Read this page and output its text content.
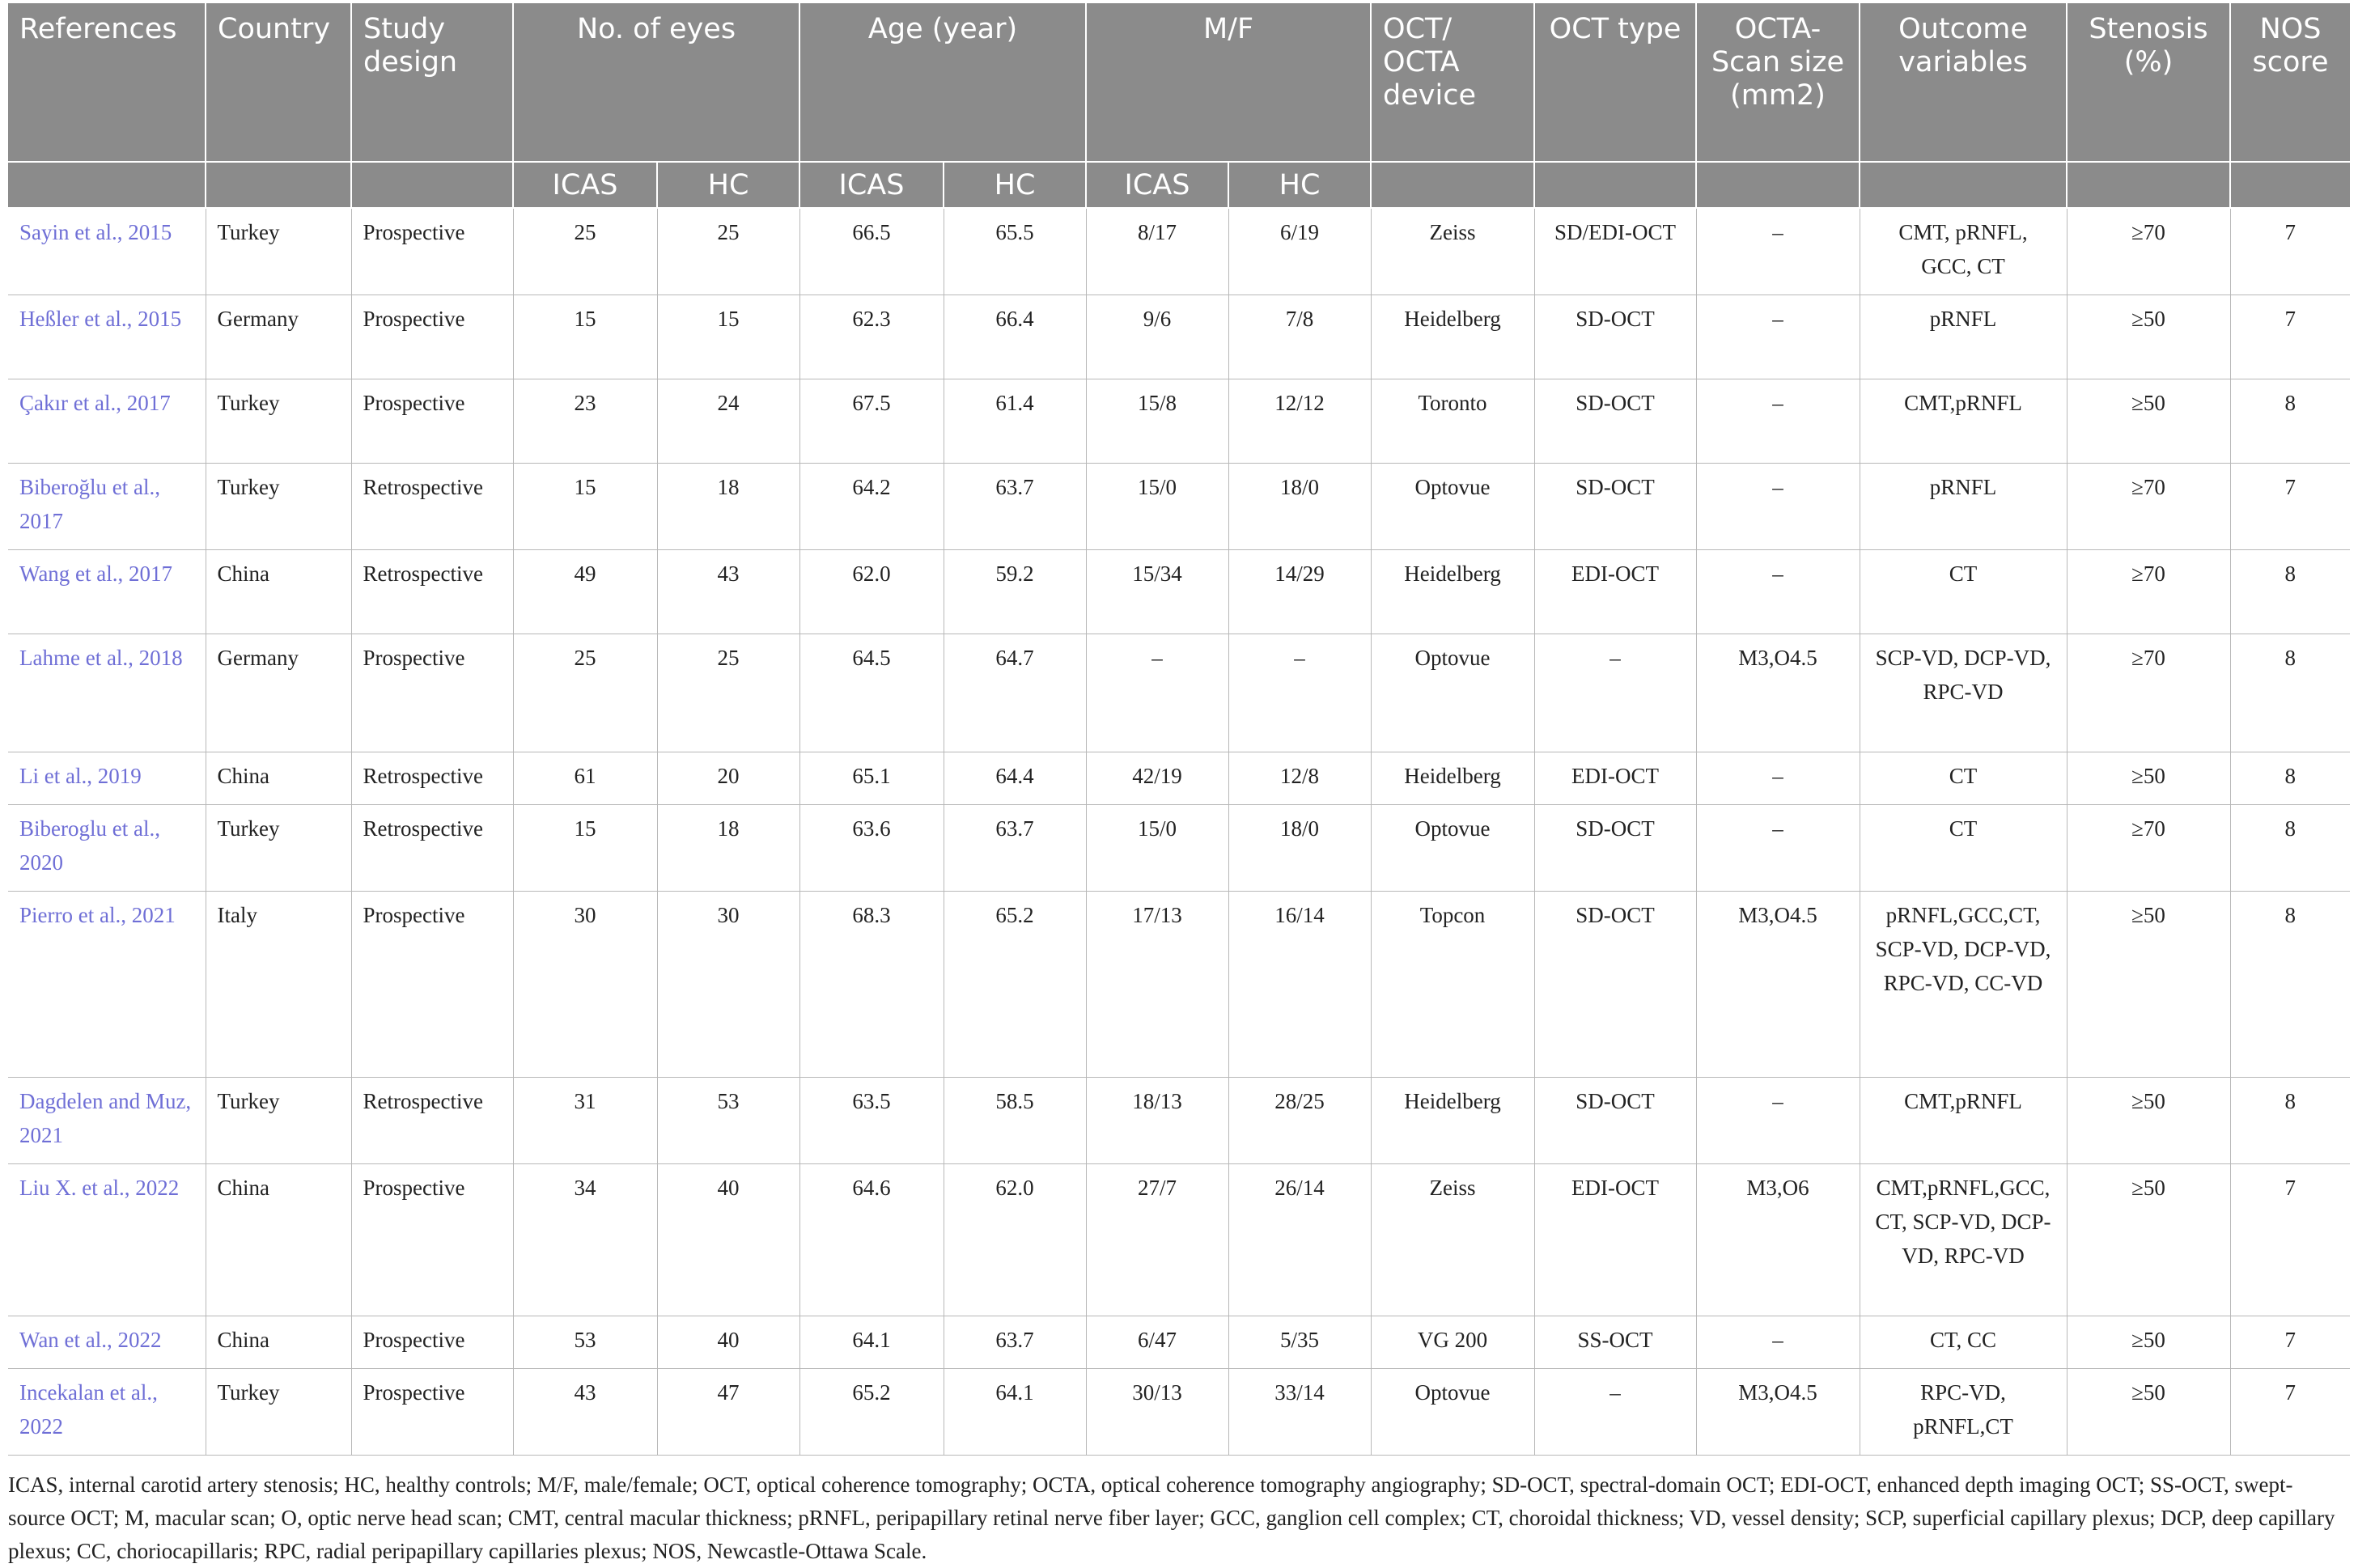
References	Country	Study design	No. of eyes		Age (year)		M/F		OCT/ OCTA device	OCT type	OCTA- Scan size (mm2)	Outcome variables	Stenosis (%)	NOS score
			ICAS	HC	ICAS	HC	ICAS	HC						
Sayin et al., 2015	Turkey	Prospective	25	25	66.5	65.5	8/17	6/19	Zeiss	SD/EDI-OCT	–	CMT, pRNFL, GCC, CT	≥70	7
Heßler et al., 2015	Germany	Prospective	15	15	62.3	66.4	9/6	7/8	Heidelberg	SD-OCT	–	pRNFL	≥50	7
Çakır et al., 2017	Turkey	Prospective	23	24	67.5	61.4	15/8	12/12	Toronto	SD-OCT	–	CMT,pRNFL	≥50	8
Biberoğlu et al., 2017	Turkey	Retrospective	15	18	64.2	63.7	15/0	18/0	Optovue	SD-OCT	–	pRNFL	≥70	7
Wang et al., 2017	China	Retrospective	49	43	62.0	59.2	15/34	14/29	Heidelberg	EDI-OCT	–	CT	≥70	8
Lahme et al., 2018	Germany	Prospective	25	25	64.5	64.7	–	–	Optovue	–	M3,O4.5	SCP-VD, DCP-VD, RPC-VD	≥70	8
Li et al., 2019	China	Retrospective	61	20	65.1	64.4	42/19	12/8	Heidelberg	EDI-OCT	–	CT	≥50	8
Biberoglu et al., 2020	Turkey	Retrospective	15	18	63.6	63.7	15/0	18/0	Optovue	SD-OCT	–	CT	≥70	8
Pierro et al., 2021	Italy	Prospective	30	30	68.3	65.2	17/13	16/14	Topcon	SD-OCT	M3,O4.5	pRNFL,GCC,CT, SCP-VD, DCP-VD, RPC-VD, CC-VD	≥50	8
Dagdelen and Muz, 2021	Turkey	Retrospective	31	53	63.5	58.5	18/13	28/25	Heidelberg	SD-OCT	–	CMT,pRNFL	≥50	8
Liu X. et al., 2022	China	Prospective	34	40	64.6	62.0	27/7	26/14	Zeiss	EDI-OCT	M3,O6	CMT,pRNFL,GCC, CT, SCP-VD, DCP-VD, RPC-VD	≥50	7
Wan et al., 2022	China	Prospective	53	40	64.1	63.7	6/47	5/35	VG 200	SS-OCT	–	CT, CC	≥50	7
Incekalan et al., 2022	Turkey	Prospective	43	47	65.2	64.1	30/13	33/14	Optovue	–	M3,O4.5	RPC-VD, pRNFL,CT	≥50	7
ICAS, internal carotid artery stenosis; HC, healthy controls; M/F, male/female; OCT, optical coherence tomography; OCTA, optical coherence tomography angiography; SD-OCT, spectral-domain OCT; EDI-OCT, enhanced depth imaging OCT; SS-OCT, swept-source OCT; M, macular scan; O, optic nerve head scan; CMT, central macular thickness; pRNFL, peripapillary retinal nerve fiber layer; GCC, ganglion cell complex; CT, choroidal thickness; VD, vessel density; SCP, superficial capillary plexus; DCP, deep capillary plexus; CC, choriocapillaris; RPC, radial peripapillary capillaries plexus; NOS, Newcastle-Ottawa Scale.
